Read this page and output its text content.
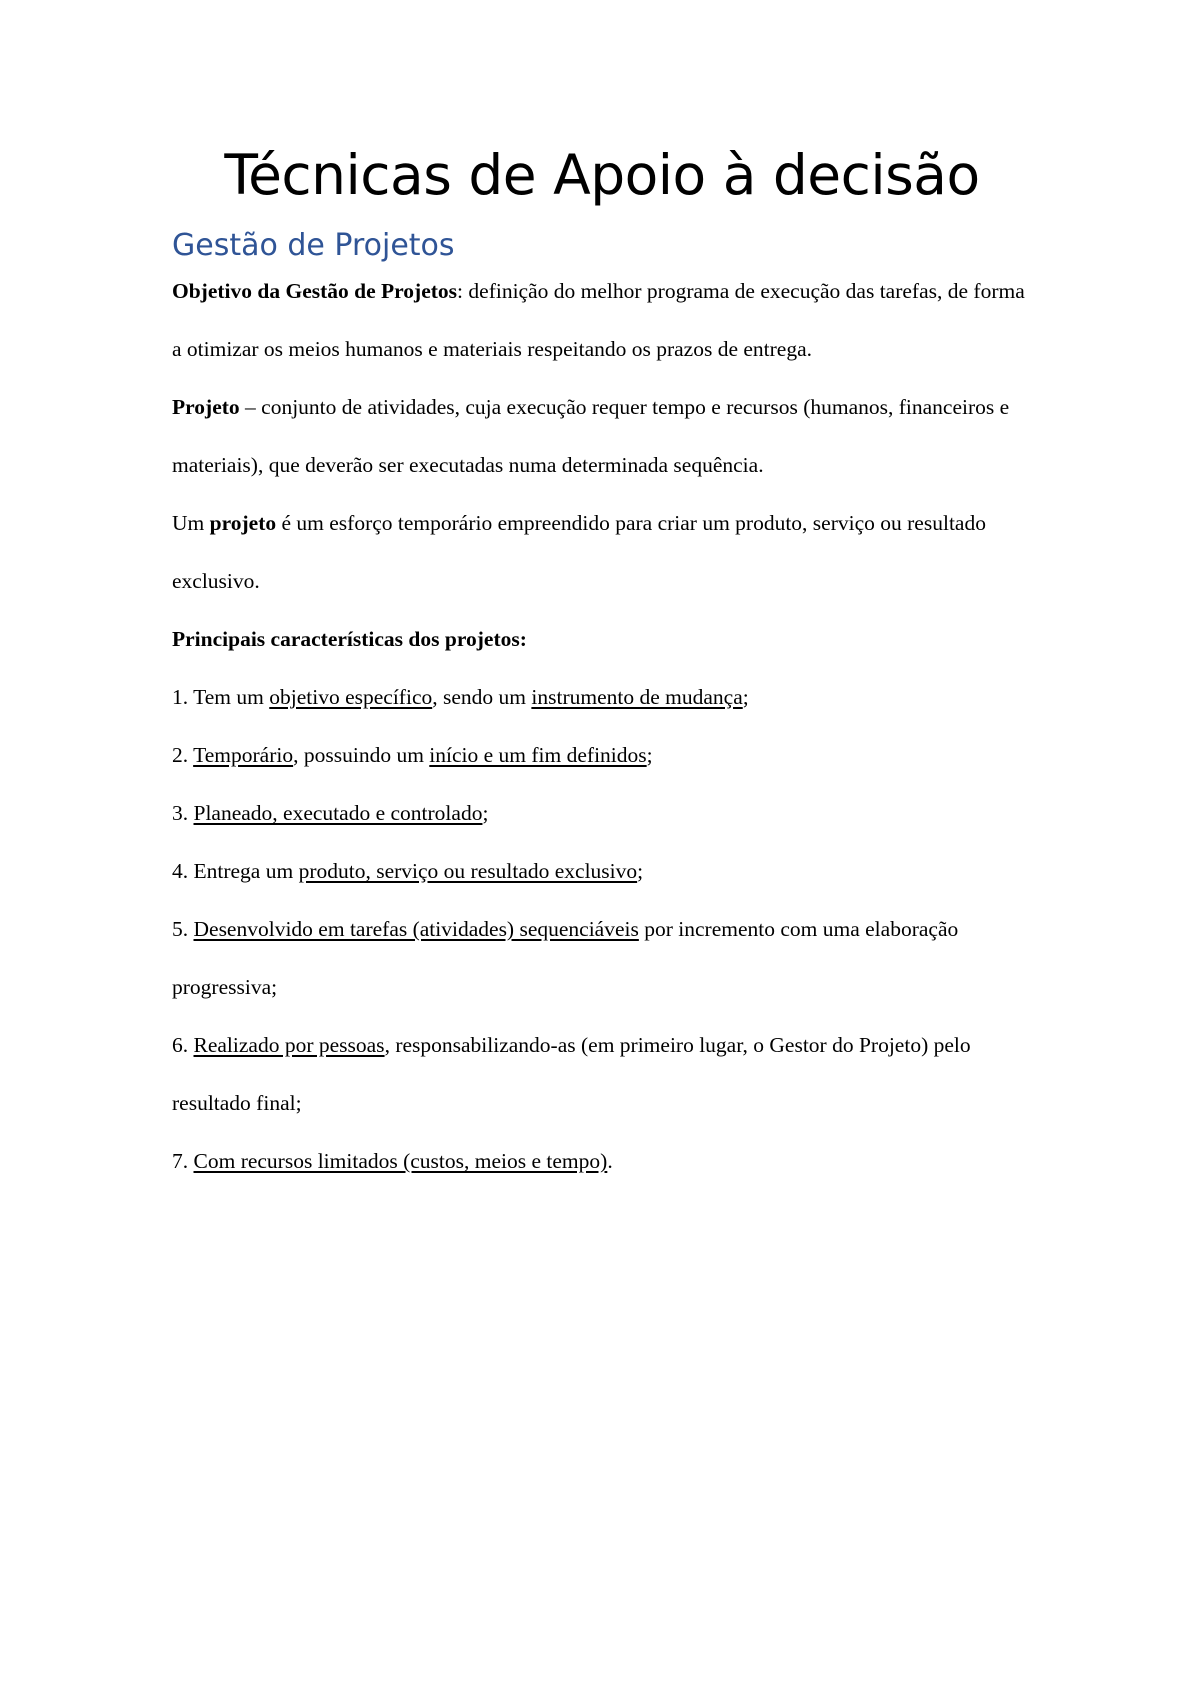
Técnicas de Apoio à decisão
Gestão de Projetos

Objetivo da Gestão de Projetos: definição do melhor programa de execução das tarefas, de forma a otimizar os meios humanos e materiais respeitando os prazos de entrega.

Projeto – conjunto de atividades, cuja execução requer tempo e recursos (humanos, financeiros e materiais), que deverão ser executadas numa determinada sequência.

Um projeto é um esforço temporário empreendido para criar um produto, serviço ou resultado exclusivo.

Principais características dos projetos:

1. Tem um objetivo específico, sendo um instrumento de mudança;

2. Temporário, possuindo um início e um fim definidos;

3. Planeado, executado e controlado;

4. Entrega um produto, serviço ou resultado exclusivo;

5. Desenvolvido em tarefas (atividades) sequenciáveis por incremento com uma elaboração progressiva;

6. Realizado por pessoas, responsabilizando-as (em primeiro lugar, o Gestor do Projeto) pelo resultado final;

7. Com recursos limitados (custos, meios e tempo).
